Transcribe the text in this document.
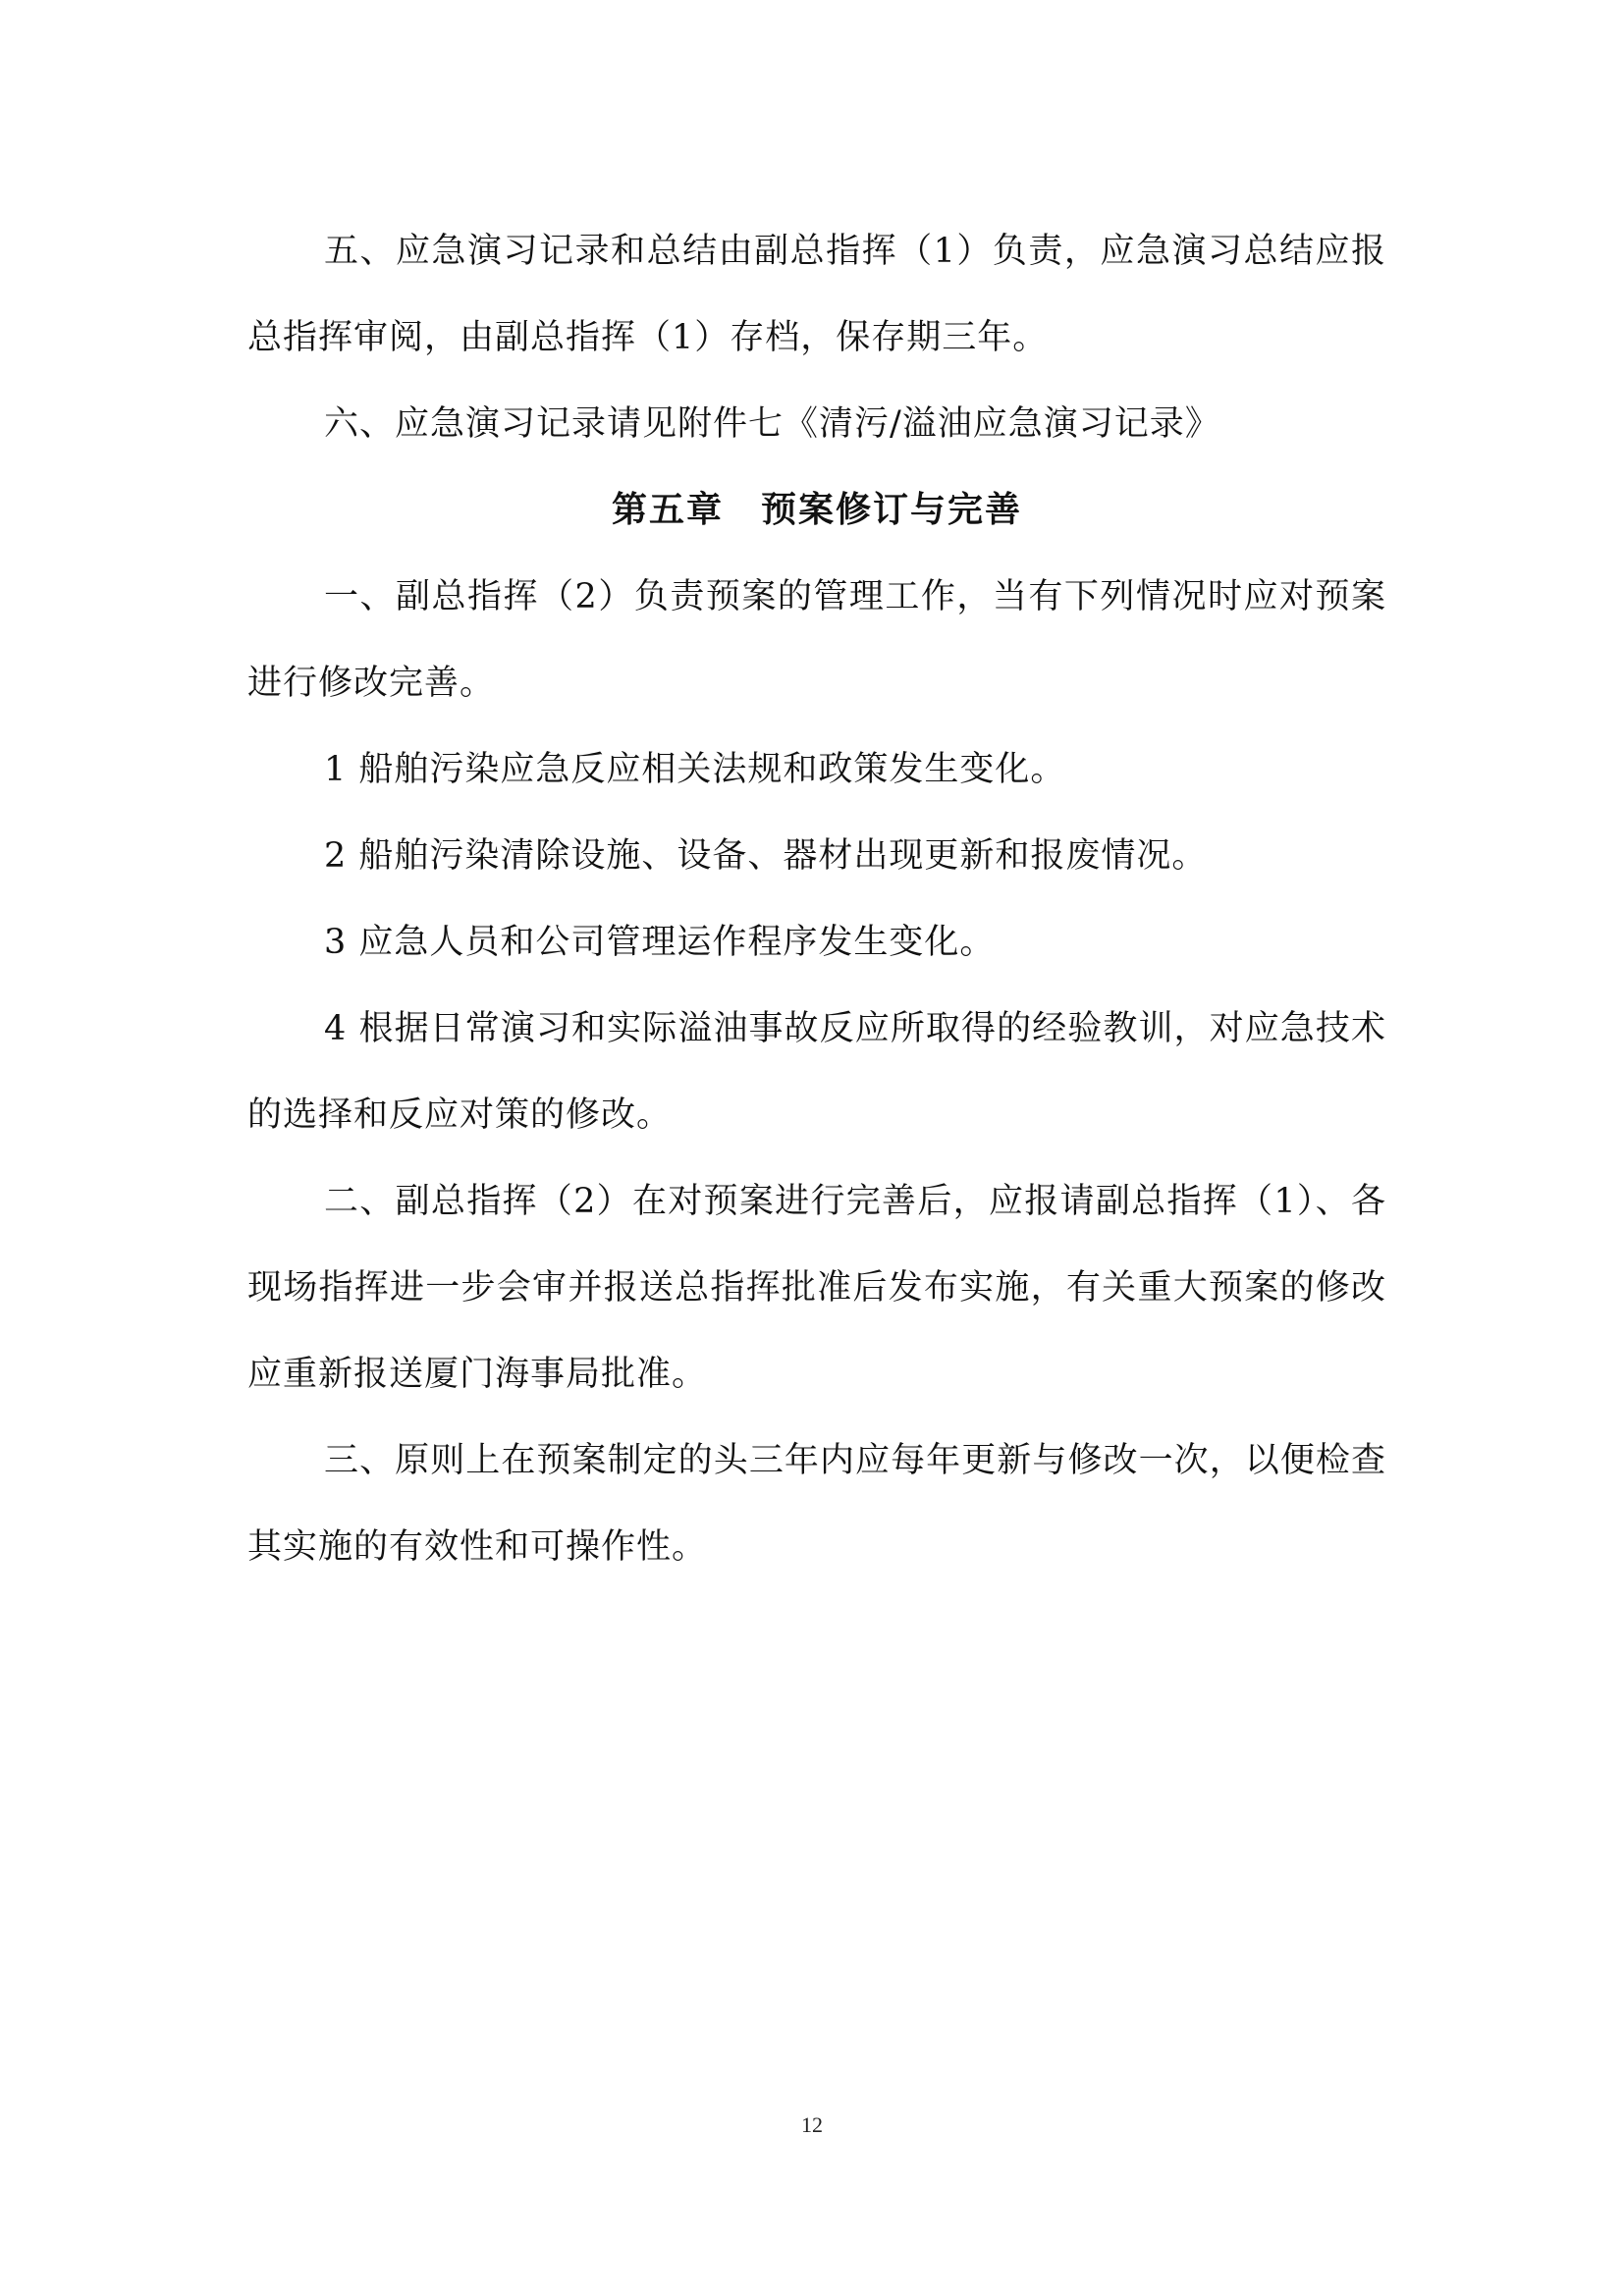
五、应急演习记录和总结由副总指挥（1）负责，应急演习总结应报总指挥审阅，由副总指挥（1）存档，保存期三年。

六、应急演习记录请见附件七《清污/溢油应急演习记录》

第五章　预案修订与完善

一、副总指挥（2）负责预案的管理工作，当有下列情况时应对预案进行修改完善。

1 船舶污染应急反应相关法规和政策发生变化。

2 船舶污染清除设施、设备、器材出现更新和报废情况。

3 应急人员和公司管理运作程序发生变化。

4 根据日常演习和实际溢油事故反应所取得的经验教训，对应急技术的选择和反应对策的修改。

二、副总指挥（2）在对预案进行完善后，应报请副总指挥（1）、各现场指挥进一步会审并报送总指挥批准后发布实施，有关重大预案的修改应重新报送厦门海事局批准。

三、原则上在预案制定的头三年内应每年更新与修改一次，以便检查其实施的有效性和可操作性。

12
